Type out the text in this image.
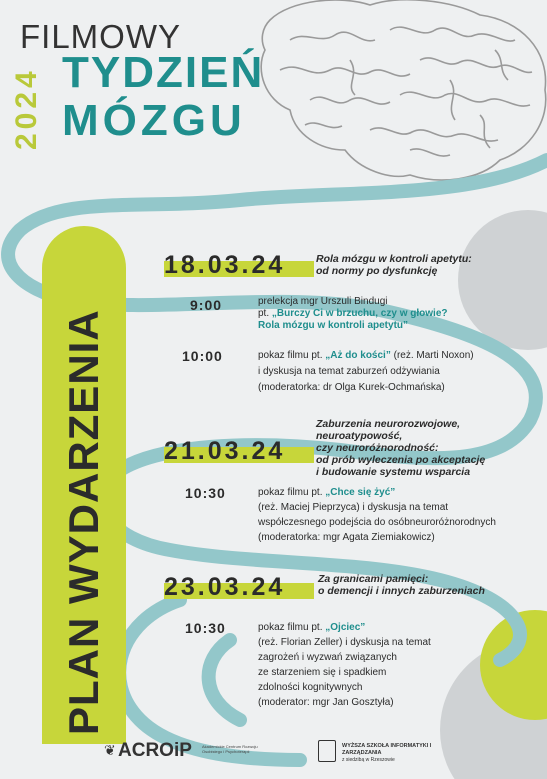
FILMOWY
TYDZIEŃ
MÓZGU
2024
PLAN WYDARZENIA
18.03.24	Rola mózgu w kontroli apetytu:
od normy po dysfunkcję
9:00	prelekcja mgr Urszuli Bindugi
pt. „Burczy Ci w brzuchu, czy w głowie?
Rola mózgu w kontroli apetytu”
10:00	pokaz filmu pt. „Aż do kości” (reż. Marti Noxon)
i dyskusja na temat zaburzeń odżywiania
(moderatorka: dr Olga Kurek-Ochmańska)
21.03.24
Zaburzenia neurorozwojowe,
neuroatypowość,
czy neuroróżnorodność:
od prób wyleczenia po akceptację
i budowanie systemu wsparcia
10:30	pokaz filmu pt. „Chce się żyć”
(reż. Maciej Pieprzyca) i dyskusja na temat
współczesnego podejścia do osóbneuroróżnorodnych
(moderatorka: mgr Agata Ziemiakowicz)
23.03.24	Za granicami pamięci:
o demencji i innych zaburzeniach
10:30	pokaz filmu pt. „Ojciec”
(reż. Florian Zeller) i dyskusja na temat
zagrożeń i wyzwań związanych
ze starzeniem się i spadkiem
zdolności kognitywnych
(moderator: mgr Jan Gosztyła)
❦ ACROiP	Akademickie Centrum Rozwoju Osobistego i Psychoterapii
WYŻSZA SZKOŁA INFORMATYKI I ZARZĄDZANIA
z siedzibą w Rzeszowie
